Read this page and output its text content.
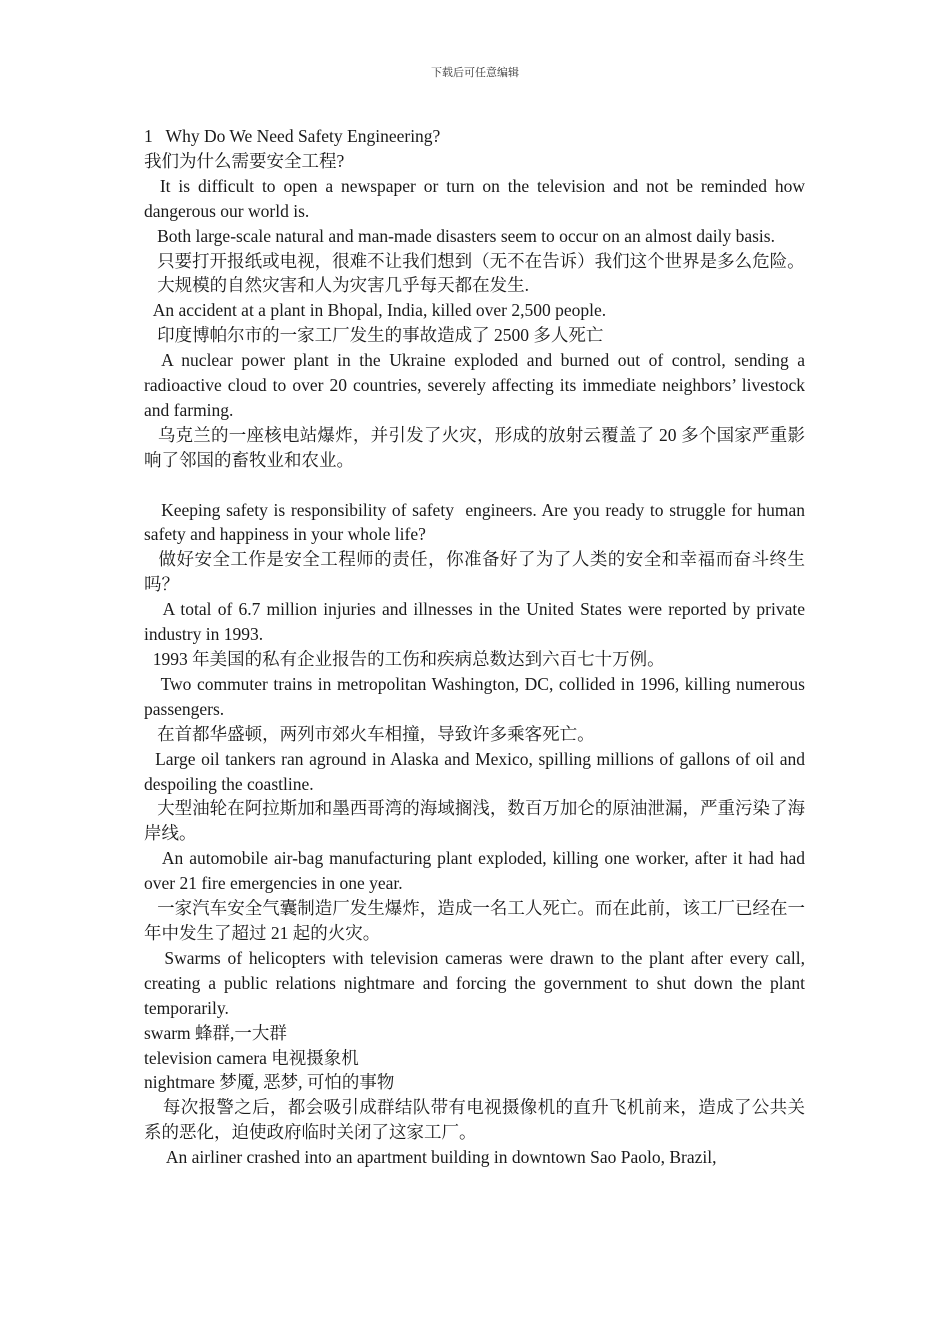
下载后可任意编辑

1   Why Do We Need Safety Engineering?

我们为什么需要安全工程?

It is difficult to open a newspaper or turn on the television and not be reminded how dangerous our world is.

Both large-scale natural and man-made disasters seem to occur on an almost daily basis.

只要打开报纸或电视，很难不让我们想到（无不在告诉）我们这个世界是多么危险。

大规模的自然灾害和人为灾害几乎每天都在发生.

An accident at a plant in Bhopal, India, killed over 2,500 people.

印度博帕尔市的一家工厂发生的事故造成了 2500 多人死亡

A nuclear power plant in the Ukraine exploded and burned out of control, sending a radioactive cloud to over 20 countries, severely affecting its immediate neighbors’ livestock and farming.

乌克兰的一座核电站爆炸，并引发了火灾，形成的放射云覆盖了 20 多个国家严重影响了邻国的畜牧业和农业。

Keeping safety is responsibility of safety  engineers. Are you ready to struggle for human safety and happiness in your whole life?

做好安全工作是安全工程师的责任，你准备好了为了人类的安全和幸福而奋斗终生吗？

A total of 6.7 million injuries and illnesses in the United States were reported by private industry in 1993.

1993 年美国的私有企业报告的工伤和疾病总数达到六百七十万例。

Two commuter trains in metropolitan Washington, DC, collided in 1996, killing numerous passengers.

在首都华盛顿，两列市郊火车相撞，导致许多乘客死亡。

Large oil tankers ran aground in Alaska and Mexico, spilling millions of gallons of oil and despoiling the coastline.

大型油轮在阿拉斯加和墨西哥湾的海域搁浅，数百万加仑的原油泄漏，严重污染了海岸线。

An automobile air-bag manufacturing plant exploded, killing one worker, after it had had over 21 fire emergencies in one year.

一家汽车安全气囊制造厂发生爆炸，造成一名工人死亡。而在此前，该工厂已经在一年中发生了超过 21 起的火灾。

Swarms of helicopters with television cameras were drawn to the plant after every call, creating a public relations nightmare and forcing the government to shut down the plant temporarily.

swarm 蜂群,一大群

television camera 电视摄象机

nightmare 梦魇, 恶梦, 可怕的事物

每次报警之后，都会吸引成群结队带有电视摄像机的直升飞机前来，造成了公共关系的恶化，迫使政府临时关闭了这家工厂。

An airliner crashed into an apartment building in downtown Sao Paolo, Brazil,
